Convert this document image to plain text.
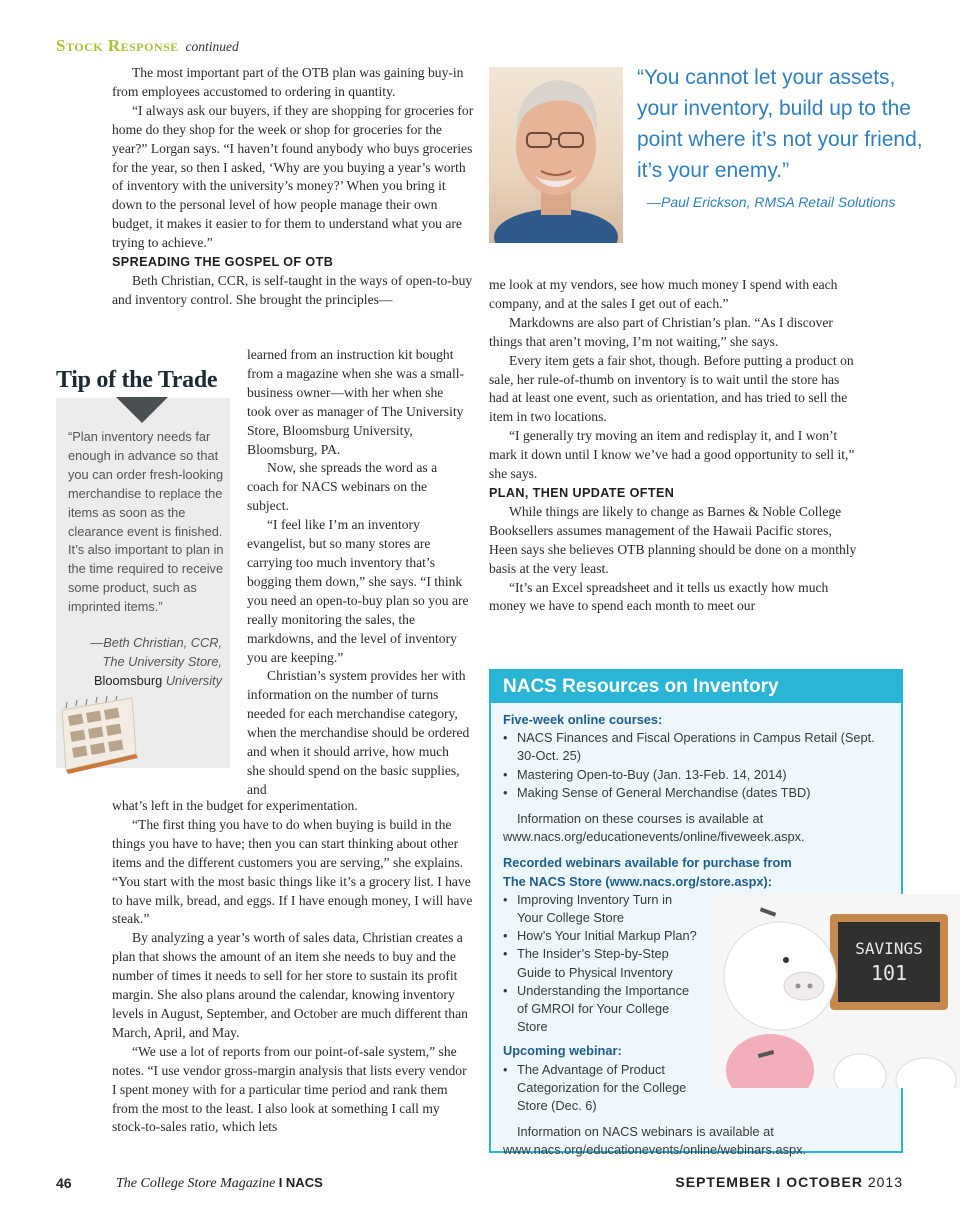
Stock Response continued

The most important part of the OTB plan was gaining buy-in from employees accustomed to ordering in quantity.

“I always ask our buyers, if they are shopping for groceries for home do they shop for the week or shop for groceries for the year?” Lorgan says. “I haven’t found anybody who buys groceries for the year, so then I asked, ‘Why are you buying a year’s worth of inventory with the university’s money?’ When you bring it down to the personal level of how people manage their own budget, it makes it easier to for them to understand what you are trying to achieve.”

SPREADING THE GOSPEL OF OTB

Beth Christian, CCR, is self-taught in the ways of open-to-buy and inventory control. She brought the principles—

learned from an instruction kit bought from a magazine when she was a small-business owner—with her when she took over as manager of The University Store, Bloomsburg University, Bloomsburg, PA.

Now, she spreads the word as a coach for NACS webinars on the subject.

“I feel like I’m an inventory evangelist, but so many stores are carrying too much inventory that’s bogging them down,” she says. “I think you need an open-to-buy plan so you are really monitoring the sales, the markdowns, and the level of inventory you are keeping.”

Christian’s system provides her with information on the number of turns needed for each merchandise category, when the merchandise should be ordered and when it should arrive, how much she should spend on the basic supplies, and

what’s left in the budget for experimentation.

“The first thing you have to do when buying is build in the things you have to have; then you can start thinking about other items and the different customers you are serving,” she explains. “You start with the most basic things like it’s a grocery list. I have to have milk, bread, and eggs. If I have enough money, I will have steak.”

By analyzing a year’s worth of sales data, Christian creates a plan that shows the amount of an item she needs to buy and the number of times it needs to sell for her store to sustain its profit margin. She also plans around the calendar, knowing inventory levels in August, September, and October are much different than March, April, and May.

“We use a lot of reports from our point-of-sale system,” she notes. “I use vendor gross-margin analysis that lists every vendor I spent money with for a particular time period and rank them from the most to the least. I also look at something I call my stock-to-sales ratio, which lets

Tip of the Trade
“Plan inventory needs far enough in advance so that you can order fresh-looking merchandise to replace the items as soon as the clearance event is finished. It’s also important to plan in the time required to receive some product, such as imprinted items.”
—Beth Christian, CCR,
The University Store,
Bloomsburg University
“You cannot let your assets, your inventory, build up to the point where it’s not your friend, it’s your enemy.”
—Paul Erickson, RMSA Retail Solutions

me look at my vendors, see how much money I spend with each company, and at the sales I get out of each.”

Markdowns are also part of Christian’s plan. “As I discover things that aren’t moving, I’m not waiting,” she says.

Every item gets a fair shot, though. Before putting a product on sale, her rule-of-thumb on inventory is to wait until the store has had at least one event, such as orientation, and has tried to sell the item in two locations.

“I generally try moving an item and redisplay it, and I won’t mark it down until I know we’ve had a good opportunity to sell it,” she says.

PLAN, THEN UPDATE OFTEN

While things are likely to change as Barnes & Noble College Booksellers assumes management of the Hawaii Pacific stores, Heen says she believes OTB planning should be done on a monthly basis at the very least.

“It’s an Excel spreadsheet and it tells us exactly how much money we have to spend each month to meet our

NACS Resources on Inventory

Five-week online courses:

• NACS Finances and Fiscal Operations in Campus Retail (Sept. 30-Oct. 25)
• Mastering Open-to-Buy (Jan. 13-Feb. 14, 2014)
• Making Sense of General Merchandise (dates TBD)

Information on these courses is available at

www.nacs.org/educationevents/online/fiveweek.aspx.

Recorded webinars available for purchase from The NACS Store (www.nacs.org/store.aspx):

• Improving Inventory Turn in Your College Store
• How’s Your Initial Markup Plan?
• The Insider’s Step-by-Step Guide to Physical Inventory
• Understanding the Importance of GMROI for Your College Store

Upcoming webinar:

• The Advantage of Product Categorization for the College Store (Dec. 6)

Information on NACS webinars is available at

www.nacs.org/educationevents/online/webinars.aspx.

SAVINGS
101
46	The College Store Magazine I NACS	SEPTEMBER I OCTOBER 2013
